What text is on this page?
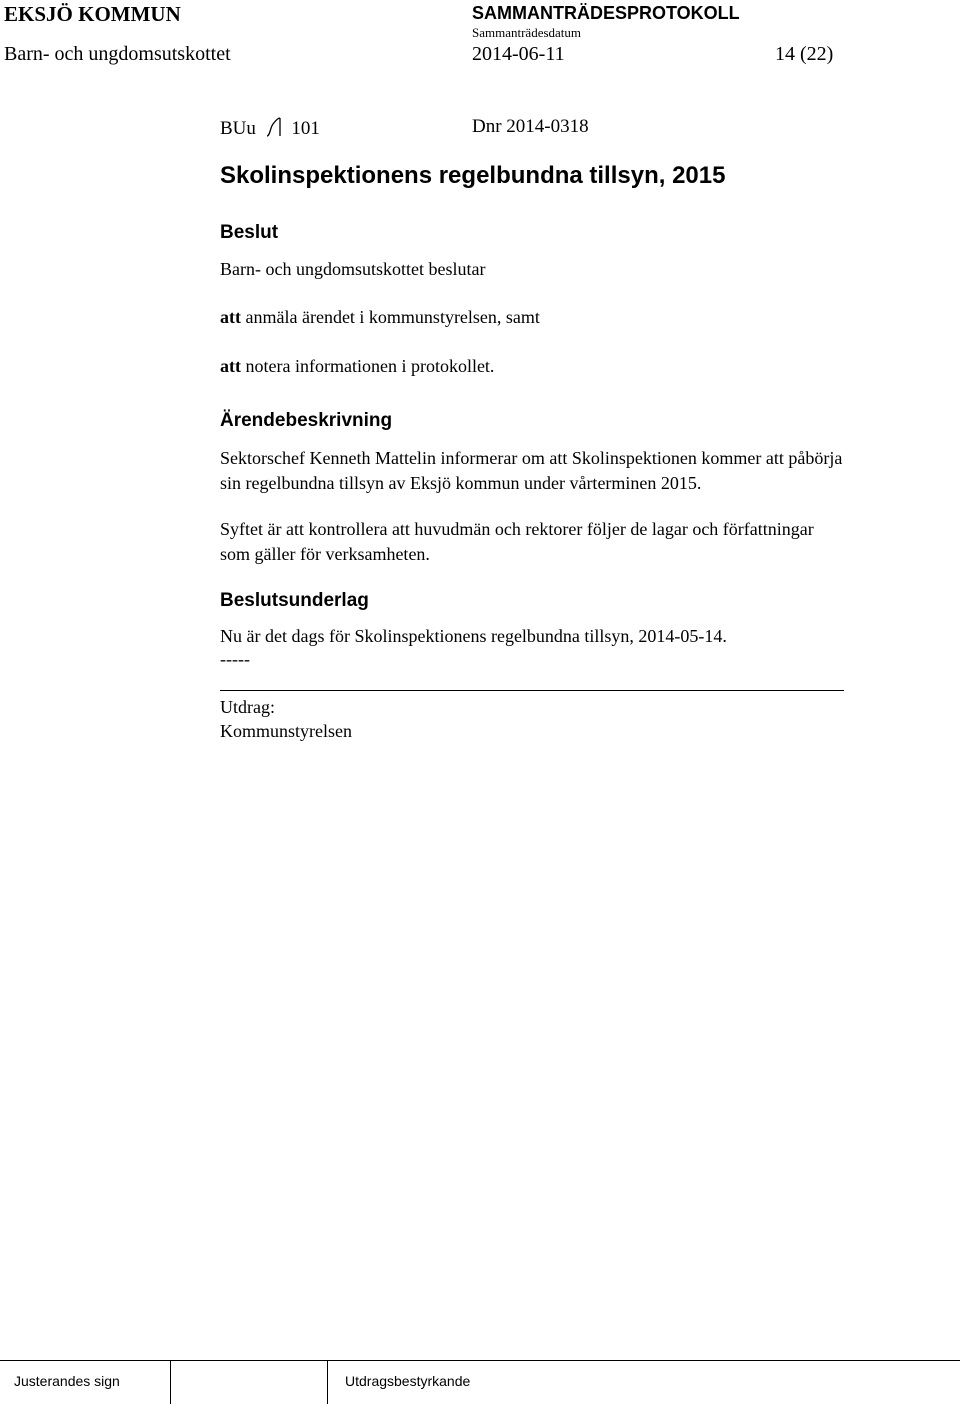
EKSJÖ KOMMUN	SAMMANTRÄDESPROTOKOLL
Sammanträdesdatum
Barn- och ungdomsutskottet	2014-06-11	14 (22)
BUu 101	Dnr 2014-0318
Skolinspektionens regelbundna tillsyn, 2015
Beslut
Barn- och ungdomsutskottet beslutar
att anmäla ärendet i kommunstyrelsen, samt
att notera informationen i protokollet.
Ärendebeskrivning
Sektorschef Kenneth Mattelin informerar om att Skolinspektionen kommer att påbörja
sin regelbundna tillsyn av Eksjö kommun under vårterminen 2015.
Syftet är att kontrollera att huvudmän och rektorer följer de lagar och författningar
som gäller för verksamheten.
Beslutsunderlag
Nu är det dags för Skolinspektionens regelbundna tillsyn, 2014-05-14.
-----
Utdrag:
Kommunstyrelsen
Justerandes sign	Utdragsbestyrkande
